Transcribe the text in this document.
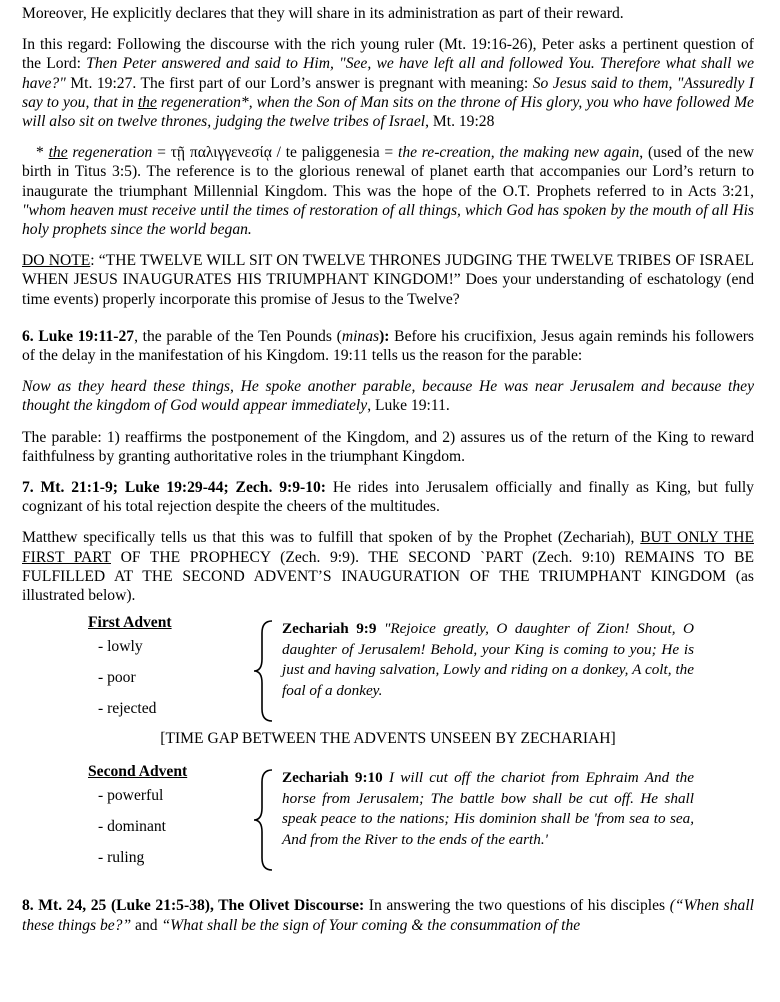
Moreover, He explicitly declares that they will share in its administration as part of their reward.

In this regard: Following the discourse with the rich young ruler (Mt. 19:16-26), Peter asks a pertinent question of the Lord: Then Peter answered and said to Him, "See, we have left all and followed You. Therefore what shall we have?" Mt. 19:27. The first part of our Lord’s answer is pregnant with meaning: So Jesus said to them, "Assuredly I say to you, that in the regeneration*, when the Son of Man sits on the throne of His glory, you who have followed Me will also sit on twelve thrones, judging the twelve tribes of Israel, Mt. 19:28

* the regeneration = τῇ παλιγγενεσίᾳ / te paliggenesia = the re-creation, the making new again, (used of the new birth in Titus 3:5). The reference is to the glorious renewal of planet earth that accompanies our Lord’s return to inaugurate the triumphant Millennial Kingdom. This was the hope of the O.T. Prophets referred to in Acts 3:21, "whom heaven must receive until the times of restoration of all things, which God has spoken by the mouth of all His holy prophets since the world began.

DO NOTE: “THE TWELVE WILL SIT ON TWELVE THRONES JUDGING THE TWELVE TRIBES OF ISRAEL WHEN JESUS INAUGURATES HIS TRIUMPHANT KINGDOM!” Does your understanding of eschatology (end time events) properly incorporate this promise of Jesus to the Twelve?

6. Luke 19:11-27, the parable of the Ten Pounds (minas): Before his crucifixion, Jesus again reminds his followers of the delay in the manifestation of his Kingdom. 19:11 tells us the reason for the parable:

Now as they heard these things, He spoke another parable, because He was near Jerusalem and because they thought the kingdom of God would appear immediately, Luke 19:11.

The parable: 1) reaffirms the postponement of the Kingdom, and 2) assures us of the return of the King to reward faithfulness by granting authoritative roles in the triumphant Kingdom.

7. Mt. 21:1-9; Luke 19:29-44; Zech. 9:9-10: He rides into Jerusalem officially and finally as King, but fully cognizant of his total rejection despite the cheers of the multitudes.

Matthew specifically tells us that this was to fulfill that spoken of by the Prophet (Zechariah), BUT ONLY THE FIRST PART OF THE PROPHECY (Zech. 9:9). THE SECOND `PART (Zech. 9:10) REMAINS TO BE FULFILLED AT THE SECOND ADVENT’S INAUGURATION OF THE TRIUMPHANT KINGDOM (as illustrated below).

First Advent
- lowly
- poor
- rejected
Zechariah 9:9 "Rejoice greatly, O daughter of Zion! Shout, O daughter of Jerusalem! Behold, your King is coming to you; He is just and having salvation, Lowly and riding on a donkey, A colt, the foal of a donkey.
[TIME GAP BETWEEN THE ADVENTS UNSEEN BY ZECHARIAH]
Second Advent
- powerful
- dominant
- ruling
Zechariah 9:10 I will cut off the chariot from Ephraim And the horse from Jerusalem; The battle bow shall be cut off. He shall speak peace to the nations; His dominion shall be 'from sea to sea, And from the River to the ends of the earth.'

8. Mt. 24, 25 (Luke 21:5-38), The Olivet Discourse: In answering the two questions of his disciples (“When shall these things be?” and “What shall be the sign of Your coming & the consummation of the
